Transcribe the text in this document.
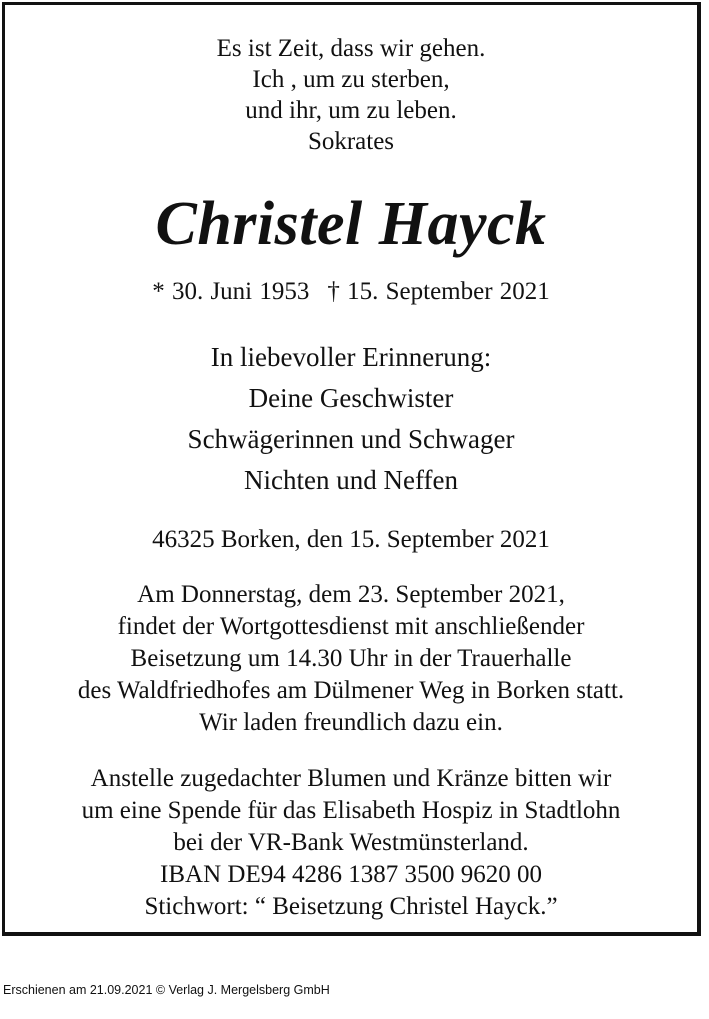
Es ist Zeit, dass wir gehen.
Ich , um zu sterben,
und ihr, um zu leben.
Sokrates
Christel Hayck
* 30. Juni 1953 † 15. September 2021
In liebevoller Erinnerung:
Deine Geschwister
Schwägerinnen und Schwager
Nichten und Neffen
46325 Borken, den 15. September 2021
Am Donnerstag, dem 23. September 2021,
findet der Wortgottesdienst mit anschließender
Beisetzung um 14.30 Uhr in der Trauerhalle
des Waldfriedhofes am Dülmener Weg in Borken statt.
Wir laden freundlich dazu ein.
Anstelle zugedachter Blumen und Kränze bitten wir
um eine Spende für das Elisabeth Hospiz in Stadtlohn
bei der VR-Bank Westmünsterland.
IBAN DE94 4286 1387 3500 9620 00
Stichwort: “ Beisetzung Christel Hayck.”
Erschienen am 21.09.2021 © Verlag J. Mergelsberg GmbH
